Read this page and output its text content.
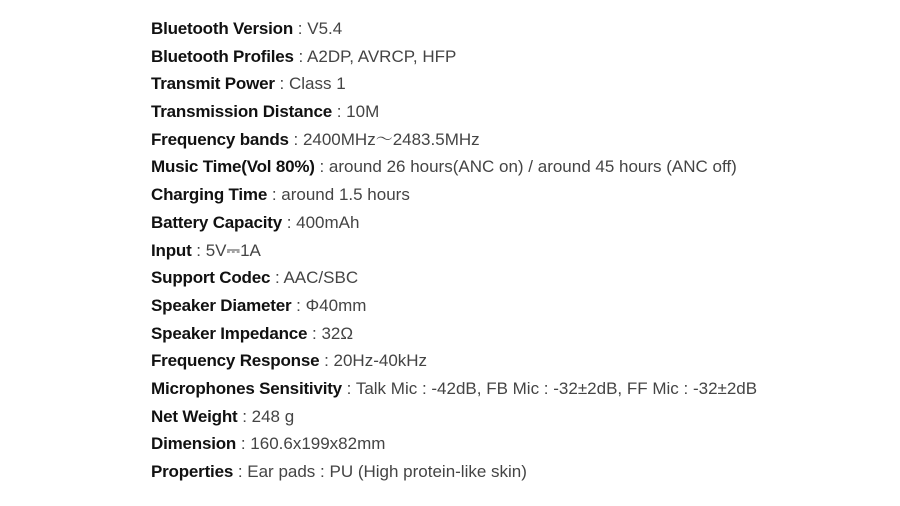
Bluetooth Version : V5.4
Bluetooth Profiles : A2DP, AVRCP, HFP
Transmit Power : Class 1
Transmission Distance : 10M
Frequency bands : 2400MHz～2483.5MHz
Music Time(Vol 80%) : around 26 hours(ANC on) / around 45 hours (ANC off)
Charging Time : around 1.5 hours
Battery Capacity : 400mAh
Input : 5V⎓1A
Support Codec : AAC/SBC
Speaker Diameter : Φ40mm
Speaker Impedance : 32Ω
Frequency Response : 20Hz-40kHz
Microphones Sensitivity : Talk Mic : -42dB, FB Mic : -32±2dB, FF Mic : -32±2dB
Net Weight : 248 g
Dimension : 160.6x199x82mm
Properties : Ear pads : PU (High protein-like skin)
